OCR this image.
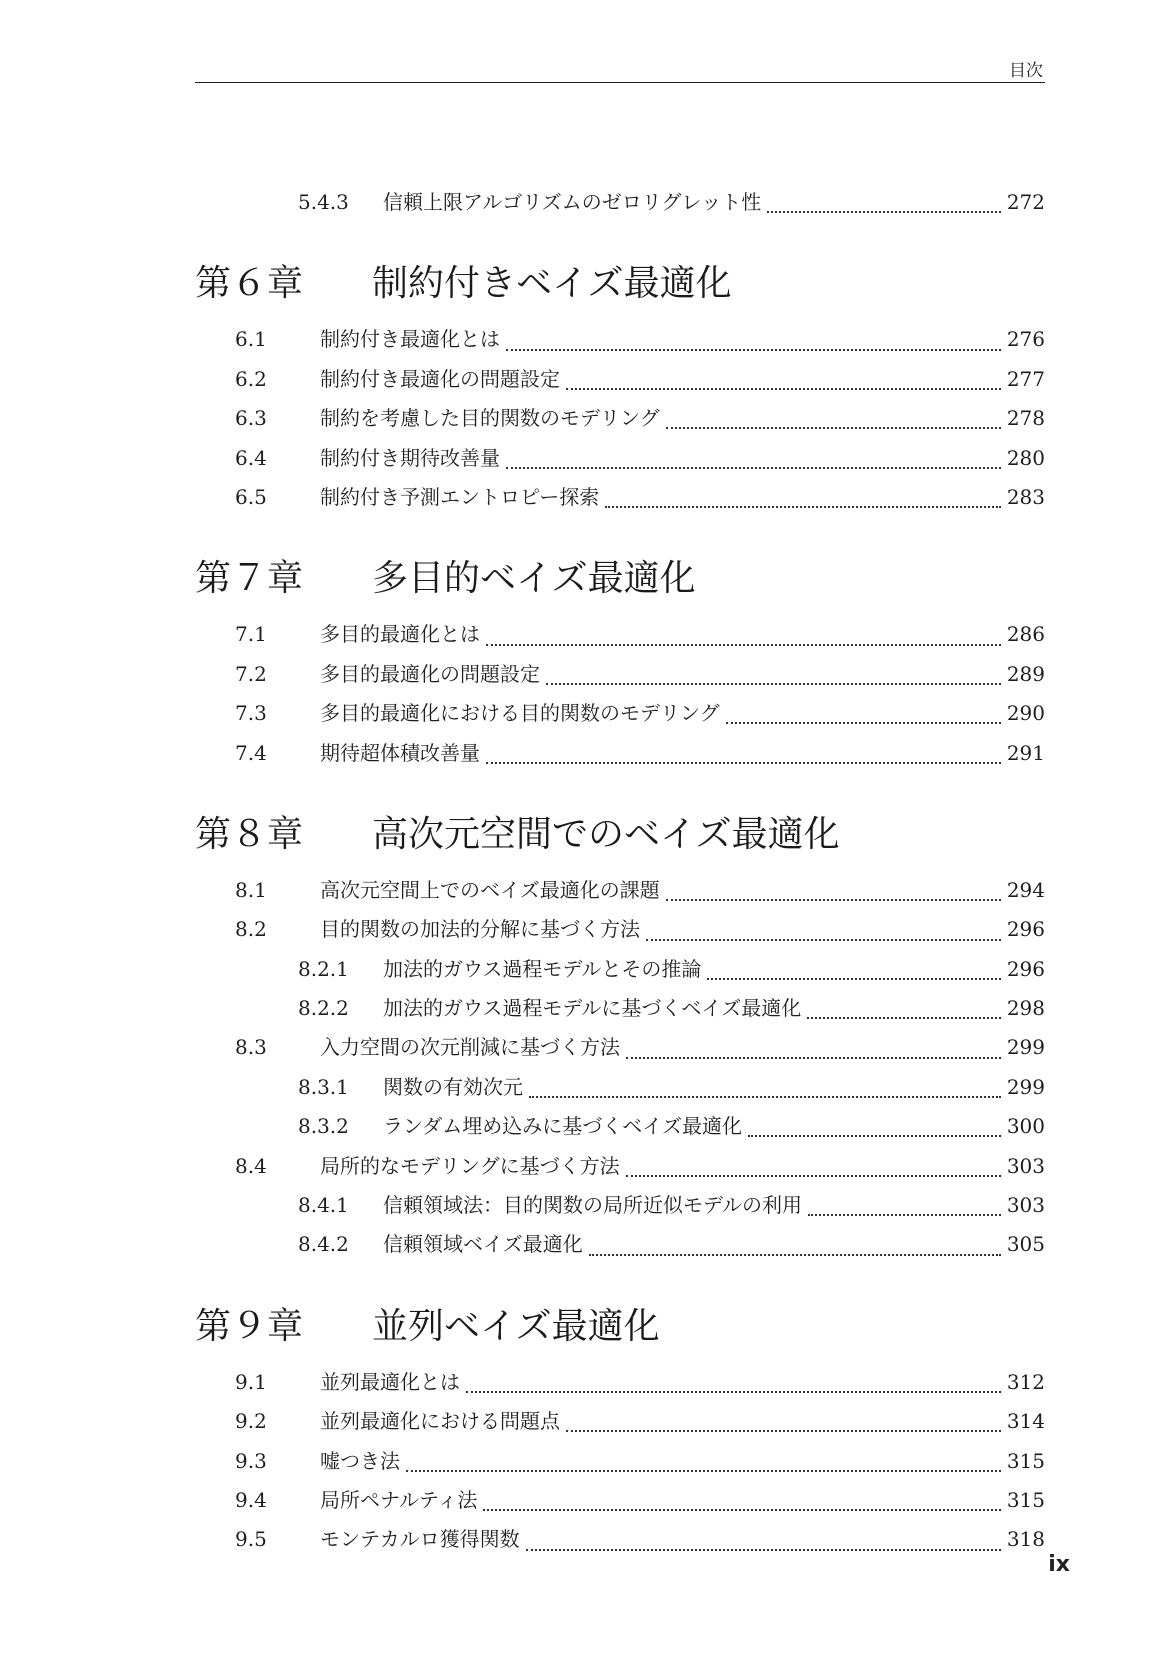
目次
5.4.3 信頼上限アルゴリズムのゼロリグレット性	272
第６章 制約付きベイズ最適化
6.1	制約付き最適化とは	276
6.2	制約付き最適化の問題設定	277
6.3	制約を考慮した目的関数のモデリング	278
6.4	制約付き期待改善量	280
6.5	制約付き予測エントロピー探索	283
第７章 多目的ベイズ最適化
7.1	多目的最適化とは	286
7.2	多目的最適化の問題設定	289
7.3	多目的最適化における目的関数のモデリング	290
7.4	期待超体積改善量	291
第８章 高次元空間でのベイズ最適化
8.1	高次元空間上でのベイズ最適化の課題	294
8.2	目的関数の加法的分解に基づく方法	296
8.2.1 加法的ガウス過程モデルとその推論	296
8.2.2 加法的ガウス過程モデルに基づくベイズ最適化	298
8.3	入力空間の次元削減に基づく方法	299
8.3.1 関数の有効次元	299
8.3.2 ランダム埋め込みに基づくベイズ最適化	300
8.4	局所的なモデリングに基づく方法	303
8.4.1 信頼領域法：目的関数の局所近似モデルの利用	303
8.4.2 信頼領域ベイズ最適化	305
第９章 並列ベイズ最適化
9.1	並列最適化とは	312
9.2	並列最適化における問題点	314
9.3	嘘つき法	315
9.4	局所ペナルティ法	315
9.5	モンテカルロ獲得関数	318
ix
